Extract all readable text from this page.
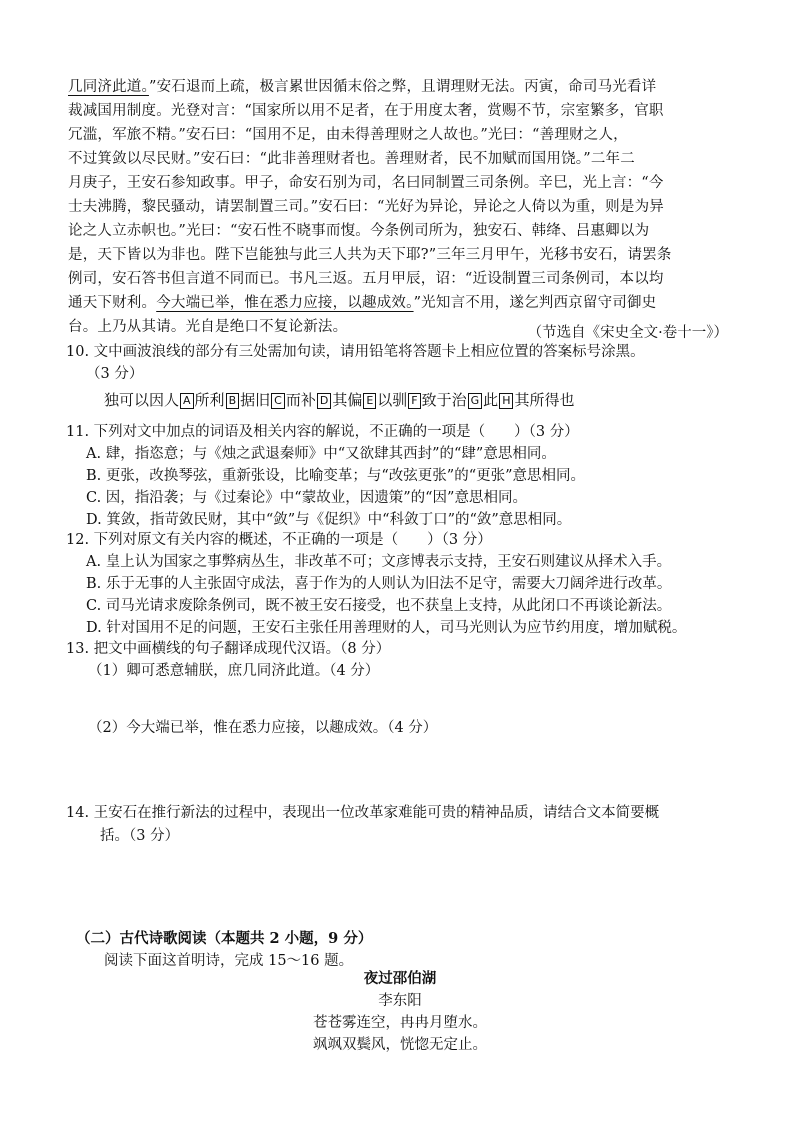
几同济此道。”安石退而上疏，极言累世因循末俗之弊，且谓理财无法。丙寅，命司马光看详
裁减国用制度。光登对言：“国家所以用不足者，在于用度太奢，赏赐不节，宗室繁多，官职
冗滥，军旅不精。”安石曰：“国用不足，由未得善理财之人故也。”光曰：“善理财之人，
不过箕敛以尽民财。”安石曰：“此非善理财者也。善理财者，民不加赋而国用饶。”二年二
月庚子，王安石参知政事。甲子，命安石别为司，名曰同制置三司条例。辛巳，光上言：“今
士夫沸腾，黎民骚动，请罢制置三司。”安石曰：“光好为异论，异论之人倚以为重，则是为异
论之人立赤帜也。”光曰：“安石性不晓事而愎。今条例司所为，独安石、韩绛、吕惠卿以为
是，天下皆以为非也。陛下岂能独与此三人共为天下耶?”三年三月甲午，光移书安石，请罢条
例司，安石答书但言道不同而已。书凡三返。五月甲辰，诏：“近设制置三司条例司，本以均
通天下财利。今大端已举，惟在悉力应接，以趣成效。”光知言不用，遂乞判西京留守司御史
台。上乃从其请。光自是绝口不复论新法。	（节选自《宋史全文·卷十一》）
10. 文中画波浪线的部分有三处需加句读，请用铅笔将答题卡上相应位置的答案标号涂黑。
（3 分）
独可以因人 A 所利 B 据旧 C 而补 D 其偏 E 以驯 F 致于治 G 此 H 其所得也
11. 下列对文中加点的词语及相关内容的解说，不正确的一项是（　　）（3 分）
A. 肆，指恣意；与《烛之武退秦师》中“又欲肆其西封”的“肆”意思相同。
B. 更张，改换琴弦，重新张设，比喻变革；与“改弦更张”的“更张”意思相同。
C. 因，指沿袭；与《过秦论》中“蒙故业，因遗策”的“因”意思相同。
D. 箕敛，指苛敛民财，其中“敛”与《促织》中“科敛丁口”的“敛”意思相同。
12. 下列对原文有关内容的概述，不正确的一项是（　　）（3 分）
A. 皇上认为国家之事弊病丛生，非改革不可；文彦博表示支持，王安石则建议从择术入手。
B. 乐于无事的人主张固守成法，喜于作为的人则认为旧法不足守，需要大刀阔斧进行改革。
C. 司马光请求废除条例司，既不被王安石接受，也不获皇上支持，从此闭口不再谈论新法。
D. 针对国用不足的问题，王安石主张任用善理财的人，司马光则认为应节约用度，增加赋税。
13. 把文中画横线的句子翻译成现代汉语。（8 分）
（1）卿可悉意辅朕，庶几同济此道。（4 分）
（2）今大端已举，惟在悉力应接，以趣成效。（4 分）
14. 王安石在推行新法的过程中，表现出一位改革家难能可贵的精神品质，请结合文本简要概
括。（3 分）
（二）古代诗歌阅读（本题共 2 小题，9 分）
阅读下面这首明诗，完成 15～16 题。
夜过邵伯湖
李东阳
苍苍雾连空，冉冉月堕水。
飒飒双鬓风，恍惚无定止。
